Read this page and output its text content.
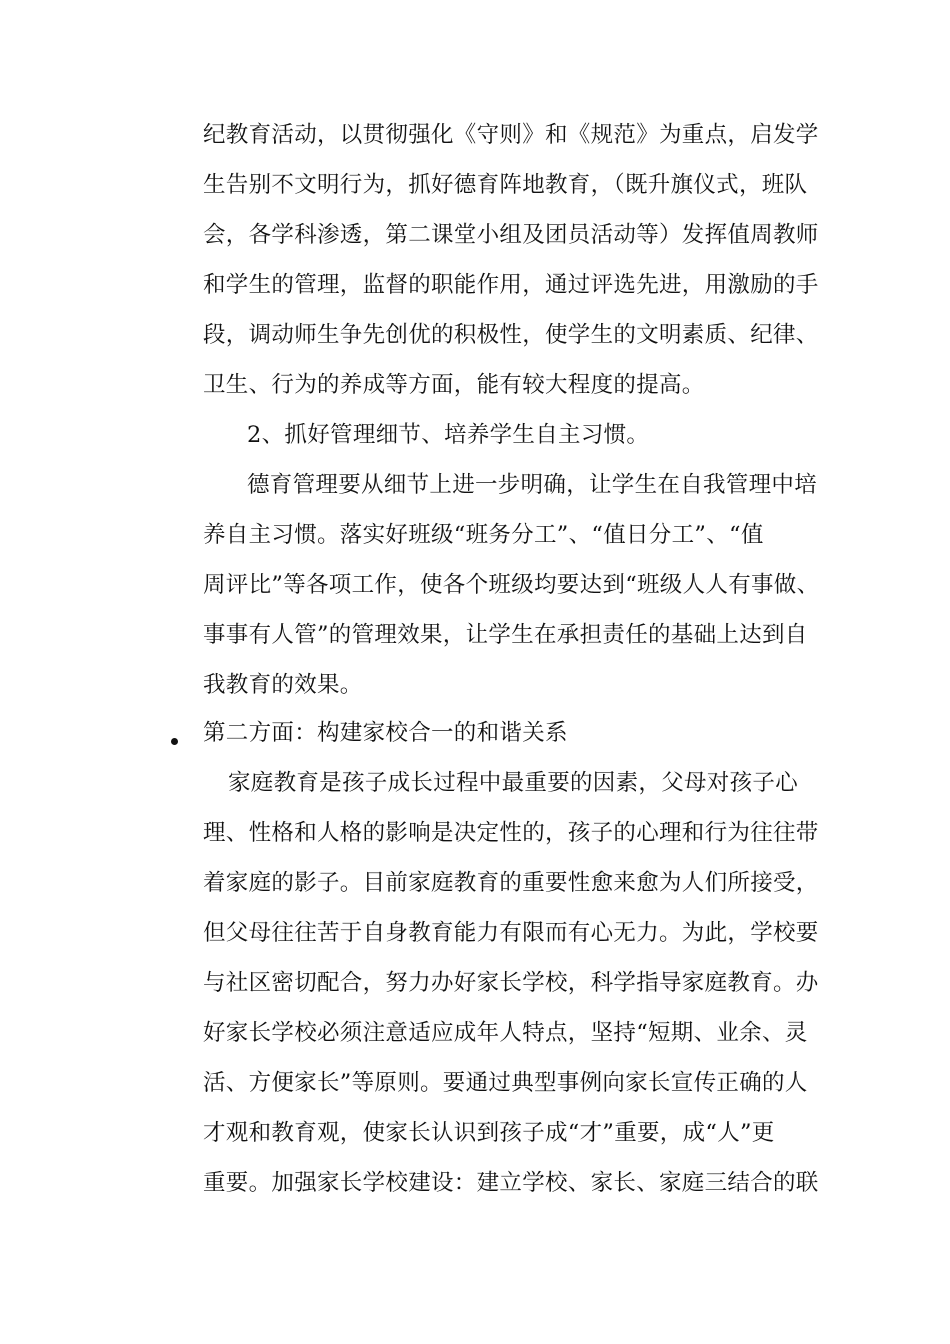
纪教育活动，以贯彻强化《守则》和《规范》为重点，启发学
生告别不文明行为，抓好德育阵地教育，（既升旗仪式，班队
会，各学科渗透，第二课堂小组及团员活动等）发挥值周教师
和学生的管理，监督的职能作用，通过评选先进，用激励的手
段，调动师生争先创优的积极性，使学生的文明素质、纪律、
卫生、行为的养成等方面，能有较大程度的提高。
2、抓好管理细节、培养学生自主习惯。
德育管理要从细节上进一步明确，让学生在自我管理中培
养自主习惯。落实好班级“班务分工”、“值日分工”、“值
周评比”等各项工作，使各个班级均要达到“班级人人有事做、
事事有人管”的管理效果，让学生在承担责任的基础上达到自
我教育的效果。
第二方面：构建家校合一的和谐关系
家庭教育是孩子成长过程中最重要的因素，父母对孩子心
理、性格和人格的影响是决定性的，孩子的心理和行为往往带
着家庭的影子。目前家庭教育的重要性愈来愈为人们所接受，
但父母往往苦于自身教育能力有限而有心无力。为此，学校要
与社区密切配合，努力办好家长学校，科学指导家庭教育。办
好家长学校必须注意适应成年人特点，坚持“短期、业余、灵
活、方便家长”等原则。要通过典型事例向家长宣传正确的人
才观和教育观，使家长认识到孩子成“才”重要，成“人”更
重要。加强家长学校建设：建立学校、家长、家庭三结合的联
